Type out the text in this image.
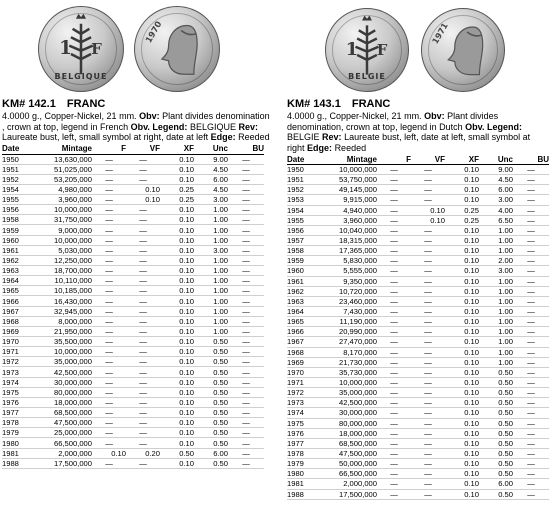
1 F
BELGIQUE
1970
KM# 142.1 FRANC
4.0000 g., Copper-Nickel, 21 mm. Obv: Plant divides denomination , crown at top, legend in French Obv. Legend: BELGIQUE Rev: Laureate bust, left, small symbol at right, date at left Edge: Reeded
Date	Mintage	F	VF	XF	Unc	BU
1950	13,630,000	—	—	0.10	9.00	—
1951	51,025,000	—	—	0.10	4.50	—
1952	53,205,000	—	—	0.10	6.00	—
1954	4,980,000	—	0.10	0.25	4.50	—
1955	3,960,000	—	0.10	0.25	3.00	—
1956	10,000,000	—	—	0.10	1.00	—
1958	31,750,000	—	—	0.10	1.00	—
1959	9,000,000	—	—	0.10	1.00	—
1960	10,000,000	—	—	0.10	1.00	—
1961	5,030,000	—	—	0.10	3.00	—
1962	12,250,000	—	—	0.10	1.00	—
1963	18,700,000	—	—	0.10	1.00	—
1964	10,110,000	—	—	0.10	1.00	—
1965	10,185,000	—	—	0.10	1.00	—
1966	16,430,000	—	—	0.10	1.00	—
1967	32,945,000	—	—	0.10	1.00	—
1968	8,000,000	—	—	0.10	1.00	—
1969	21,950,000	—	—	0.10	1.00	—
1970	35,500,000	—	—	0.10	0.50	—
1971	10,000,000	—	—	0.10	0.50	—
1972	35,000,000	—	—	0.10	0.50	—
1973	42,500,000	—	—	0.10	0.50	—
1974	30,000,000	—	—	0.10	0.50	—
1975	80,000,000	—	—	0.10	0.50	—
1976	18,000,000	—	—	0.10	0.50	—
1977	68,500,000	—	—	0.10	0.50	—
1978	47,500,000	—	—	0.10	0.50	—
1979	25,000,000	—	—	0.10	0.50	—
1980	66,500,000	—	—	0.10	0.50	—
1981	2,000,000	0.10	0.20	0.50	6.00	—
1988	17,500,000	—	—	0.10	0.50	—
1 F
BELGIE
1971
KM# 143.1 FRANC
4.0000 g., Copper-Nickel, 21 mm. Obv: Plant divides denomination, crown at top, legend in Dutch Obv. Legend: BELGIE Rev: Laureate bust, left, date at left, small symbol at right Edge: Reeded
Date	Mintage	F	VF	XF	Unc	BU
1950	10,000,000	—	—	0.10	9.00	—
1951	53,750,000	—	—	0.10	4.50	—
1952	49,145,000	—	—	0.10	6.00	—
1953	9,915,000	—	—	0.10	3.00	—
1954	4,940,000	—	0.10	0.25	4.00	—
1955	3,960,000	—	0.10	0.25	6.50	—
1956	10,040,000	—	—	0.10	1.00	—
1957	18,315,000	—	—	0.10	1.00	—
1958	17,365,000	—	—	0.10	1.00	—
1959	5,830,000	—	—	0.10	2.00	—
1960	5,555,000	—	—	0.10	3.00	—
1961	9,350,000	—	—	0.10	1.00	—
1962	10,720,000	—	—	0.10	1.00	—
1963	23,460,000	—	—	0.10	1.00	—
1964	7,430,000	—	—	0.10	1.00	—
1965	11,190,000	—	—	0.10	1.00	—
1966	20,990,000	—	—	0.10	1.00	—
1967	27,470,000	—	—	0.10	1.00	—
1968	8,170,000	—	—	0.10	1.00	—
1969	21,730,000	—	—	0.10	1.00	—
1970	35,730,000	—	—	0.10	0.50	—
1971	10,000,000	—	—	0.10	0.50	—
1972	35,000,000	—	—	0.10	0.50	—
1973	42,500,000	—	—	0.10	0.50	—
1974	30,000,000	—	—	0.10	0.50	—
1975	80,000,000	—	—	0.10	0.50	—
1976	18,000,000	—	—	0.10	0.50	—
1977	68,500,000	—	—	0.10	0.50	—
1978	47,500,000	—	—	0.10	0.50	—
1979	50,000,000	—	—	0.10	0.50	—
1980	66,500,000	—	—	0.10	0.50	—
1981	2,000,000	—	—	0.10	6.00	—
1988	17,500,000	—	—	0.10	0.50	—
